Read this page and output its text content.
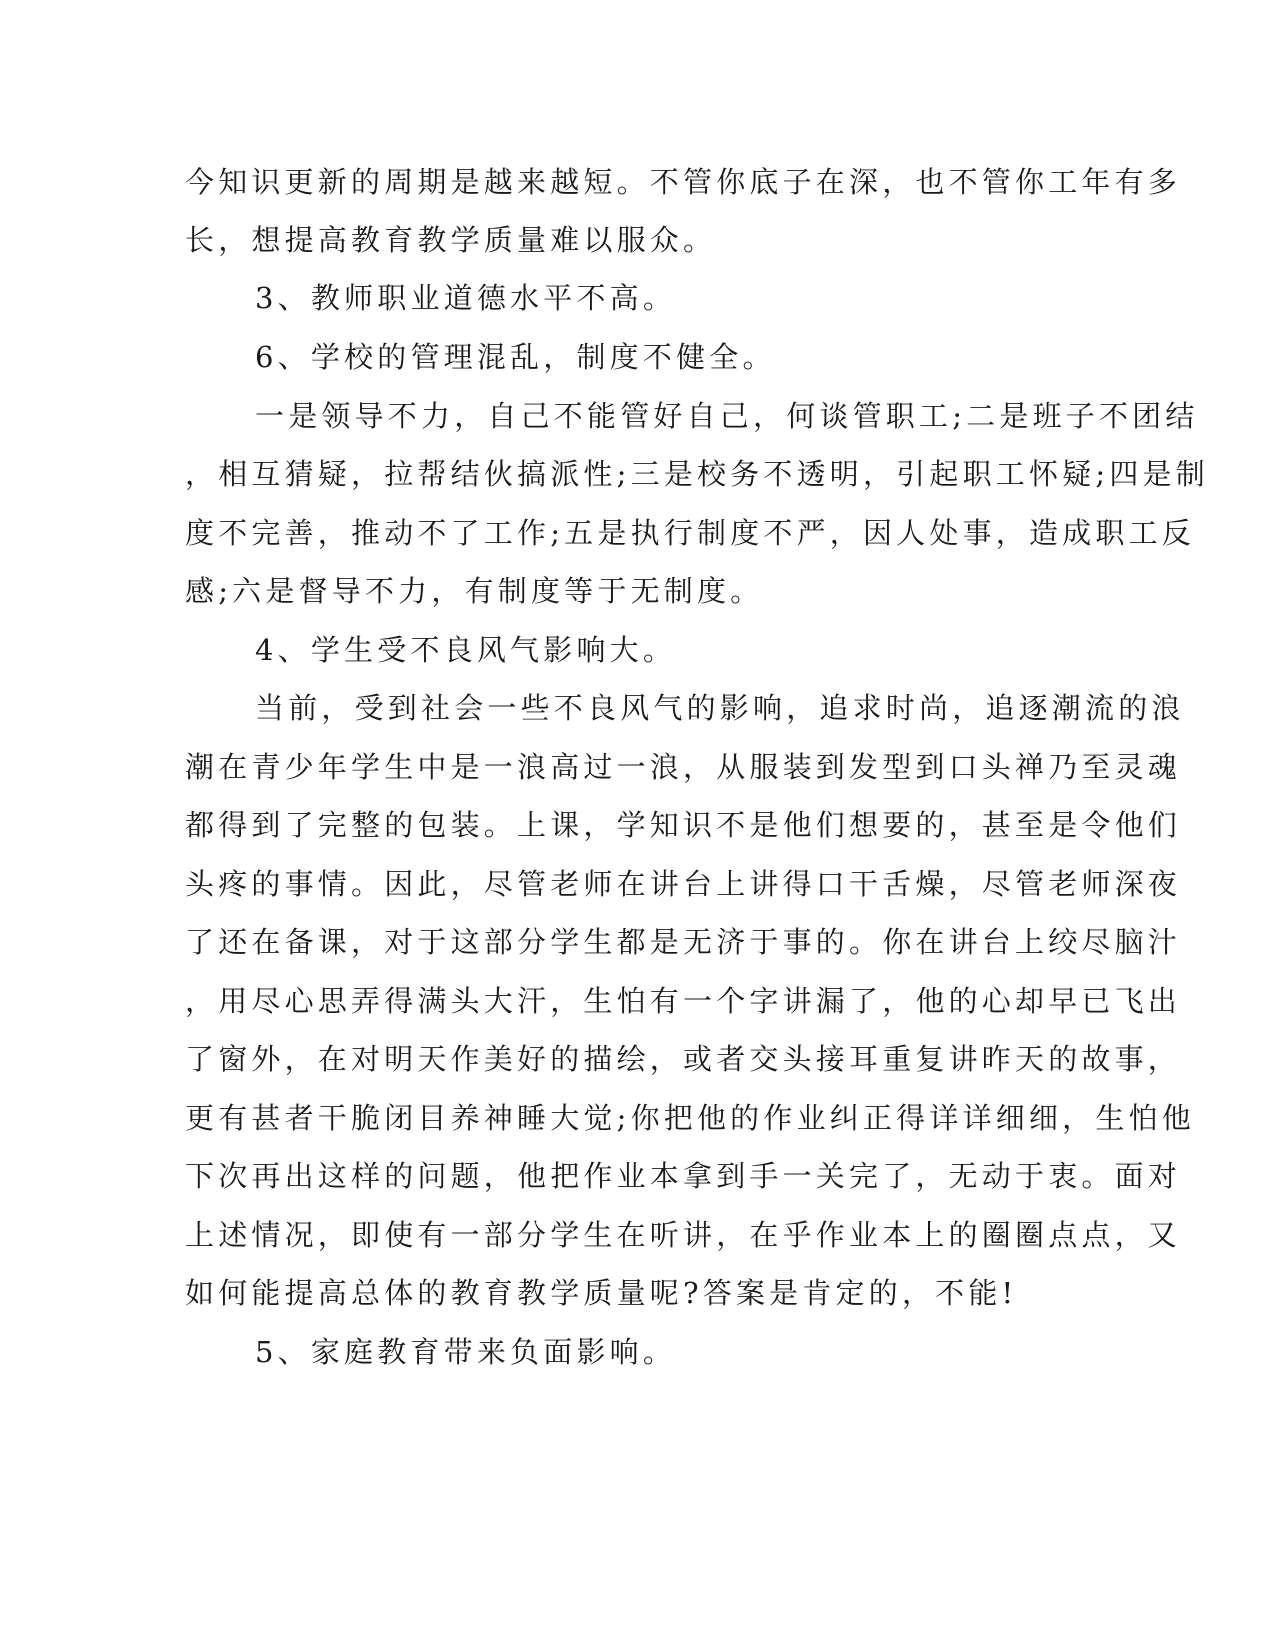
今知识更新的周期是越来越短。不管你底子在深，也不管你工年有多
长，想提高教育教学质量难以服众。
3、教师职业道德水平不高。
6、学校的管理混乱，制度不健全。
一是领导不力，自己不能管好自己，何谈管职工;二是班子不团结
，相互猜疑，拉帮结伙搞派性;三是校务不透明，引起职工怀疑;四是制
度不完善，推动不了工作;五是执行制度不严，因人处事，造成职工反
感;六是督导不力，有制度等于无制度。
4、学生受不良风气影响大。
当前，受到社会一些不良风气的影响，追求时尚，追逐潮流的浪
潮在青少年学生中是一浪高过一浪，从服装到发型到口头禅乃至灵魂
都得到了完整的包装。上课，学知识不是他们想要的，甚至是令他们
头疼的事情。因此，尽管老师在讲台上讲得口干舌燥，尽管老师深夜
了还在备课，对于这部分学生都是无济于事的。你在讲台上绞尽脑汁
，用尽心思弄得满头大汗，生怕有一个字讲漏了，他的心却早已飞出
了窗外，在对明天作美好的描绘，或者交头接耳重复讲昨天的故事，
更有甚者干脆闭目养神睡大觉;你把他的作业纠正得详详细细，生怕他
下次再出这样的问题，他把作业本拿到手一关完了，无动于衷。面对
上述情况，即使有一部分学生在听讲，在乎作业本上的圈圈点点，又
如何能提高总体的教育教学质量呢?答案是肯定的，不能!
5、家庭教育带来负面影响。
